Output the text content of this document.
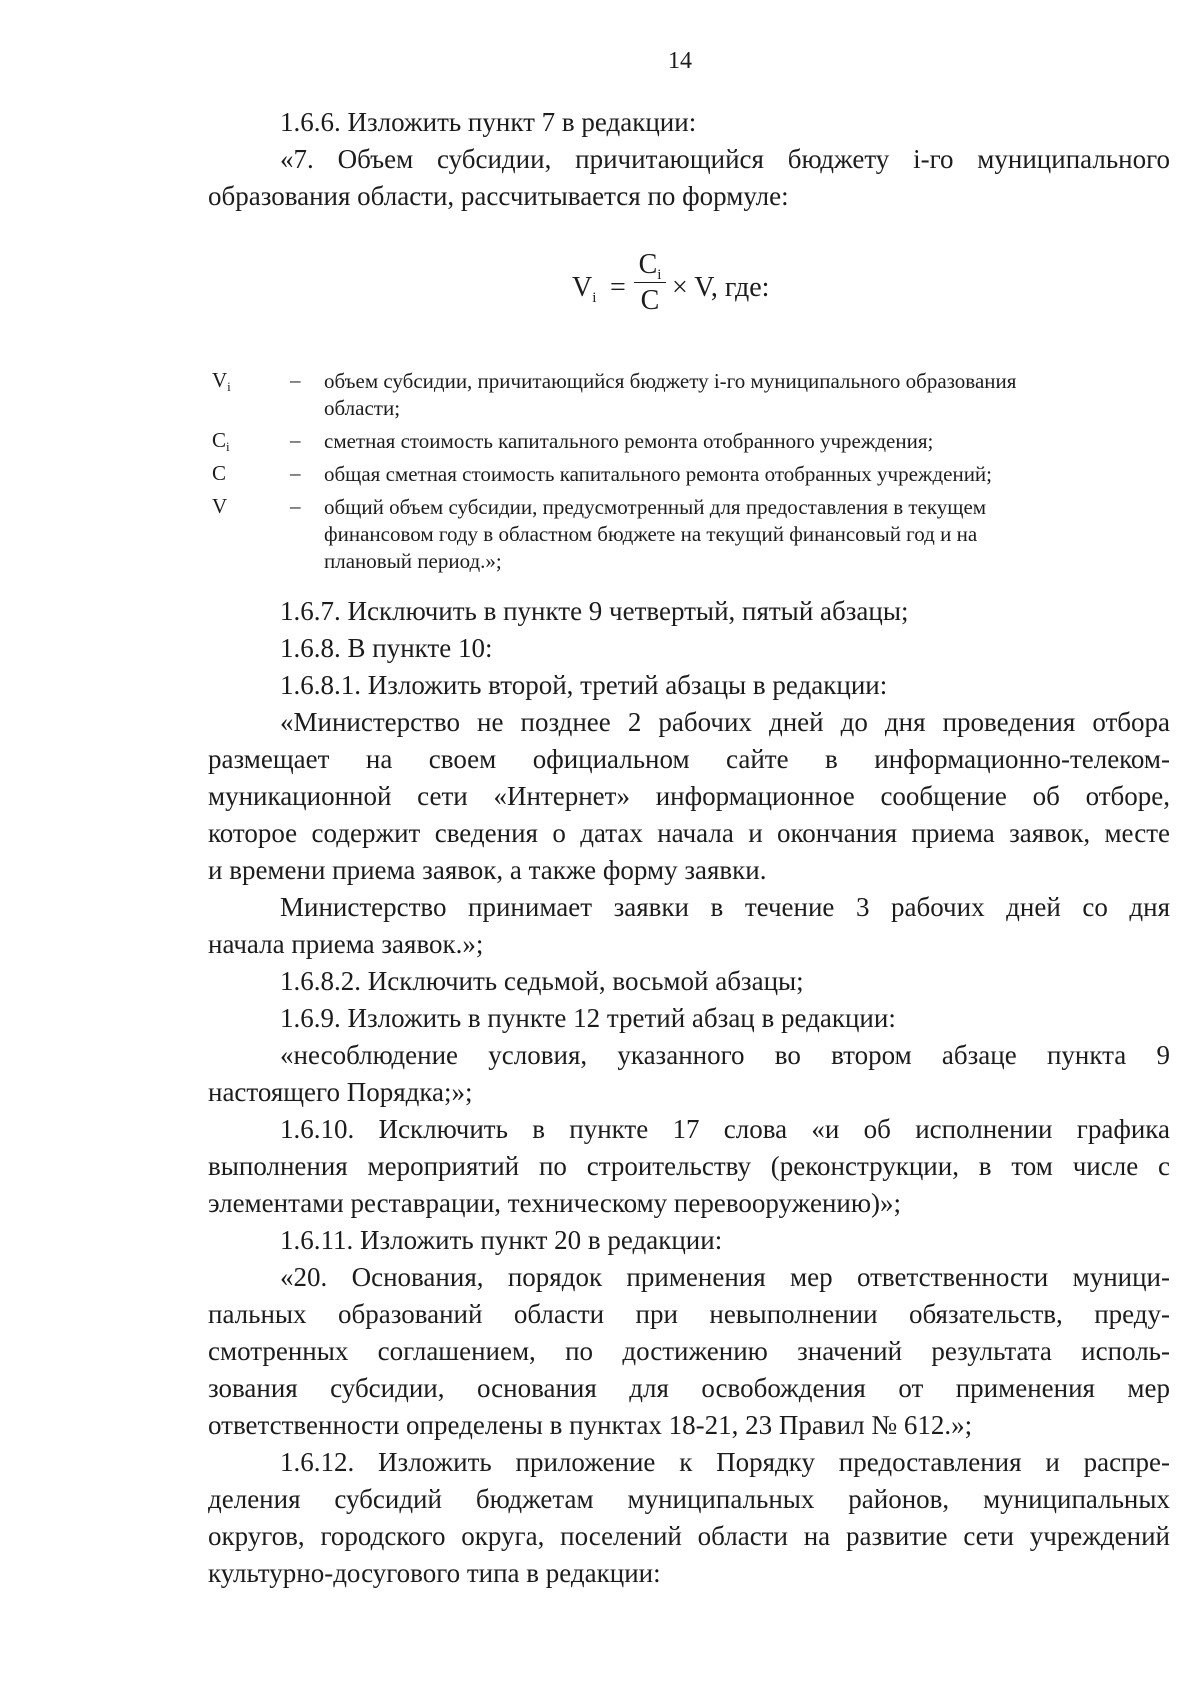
14
1.6.6. Изложить пункт 7 в редакции:
«7. Объем субсидии, причитающийся бюджету i-го муниципального
образования области, рассчитывается по формуле:
$V_i$ =
$C_i$
C × V, где:
Vi	– объем субсидии, причитающийся бюджету i-го муниципального образования
области;
Ci	– сметная стоимость капитального ремонта отобранного учреждения;
C	– общая сметная стоимость капитального ремонта отобранных учреждений;
V	– общий объем субсидии, предусмотренный для предоставления в текущем
финансовом году в областном бюджете на текущий финансовый год и на
плановый период.»;
1.6.7. Исключить в пункте 9 четвертый, пятый абзацы;
1.6.8. В пункте 10:
1.6.8.1. Изложить второй, третий абзацы в редакции:
«Министерство не позднее 2 рабочих дней до дня проведения отбора
размещает на своем официальном сайте в информационно-телеком-
муникационной сети «Интернет» информационное сообщение об отборе,
которое содержит сведения о датах начала и окончания приема заявок, месте
и времени приема заявок, а также форму заявки.
Министерство принимает заявки в течение 3 рабочих дней со дня
начала приема заявок.»;
1.6.8.2. Исключить седьмой, восьмой абзацы;
1.6.9. Изложить в пункте 12 третий абзац в редакции:
«несоблюдение условия, указанного во втором абзаце пункта 9
настоящего Порядка;»;
1.6.10. Исключить в пункте 17 слова «и об исполнении графика
выполнения мероприятий по строительству (реконструкции, в том числе с
элементами реставрации, техническому перевооружению)»;
1.6.11. Изложить пункт 20 в редакции:
«20. Основания, порядок применения мер ответственности муници-
пальных образований области при невыполнении обязательств, преду-
смотренных соглашением, по достижению значений результата исполь-
зования субсидии, основания для освобождения от применения мер
ответственности определены в пунктах 18-21, 23 Правил № 612.»;
1.6.12. Изложить приложение к Порядку предоставления и распре-
деления субсидий бюджетам муниципальных районов, муниципальных
округов, городского округа, поселений области на развитие сети учреждений
культурно-досугового типа в редакции:
